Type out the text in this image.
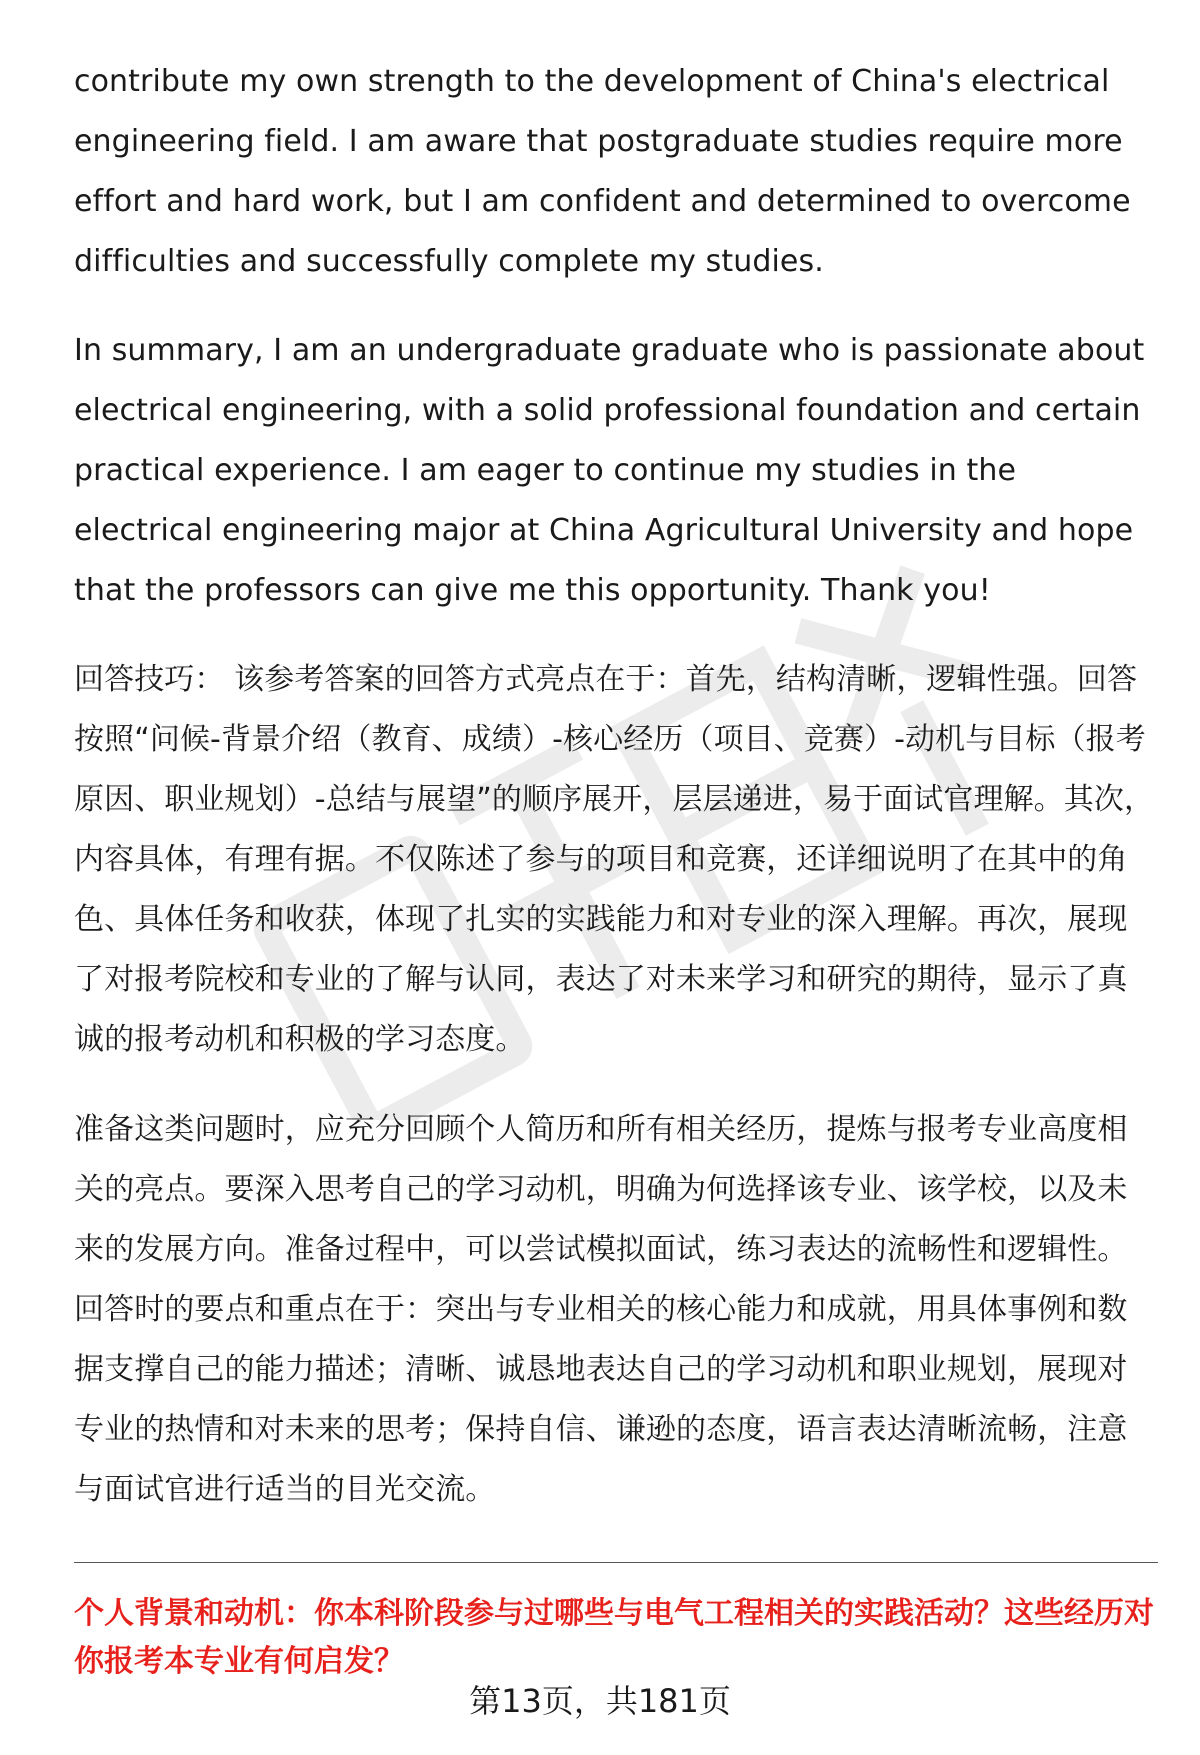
contribute my own strength to the development of China's electrical engineering field. I am aware that postgraduate studies require more effort and hard work, but I am confident and determined to overcome difficulties and successfully complete my studies.

In summary, I am an undergraduate graduate who is passionate about electrical engineering, with a solid professional foundation and certain practical experience. I am eager to continue my studies in the electrical engineering major at China Agricultural University and hope that the professors can give me this opportunity. Thank you!

回答技巧： 该参考答案的回答方式亮点在于：首先，结构清晰，逻辑性强。回答按照“问候-背景介绍（教育、成绩）-核心经历（项目、竞赛）-动机与目标（报考原因、职业规划）-总结与展望”的顺序展开，层层递进，易于面试官理解。其次，内容具体，有理有据。不仅陈述了参与的项目和竞赛，还详细说明了在其中的角色、具体任务和收获，体现了扎实的实践能力和对专业的深入理解。再次，展现了对报考院校和专业的了解与认同，表达了对未来学习和研究的期待，显示了真诚的报考动机和积极的学习态度。

准备这类问题时，应充分回顾个人简历和所有相关经历，提炼与报考专业高度相关的亮点。要深入思考自己的学习动机，明确为何选择该专业、该学校，以及未来的发展方向。准备过程中，可以尝试模拟面试，练习表达的流畅性和逻辑性。回答时的要点和重点在于：突出与专业相关的核心能力和成就，用具体事例和数据支撑自己的能力描述；清晰、诚恳地表达自己的学习动机和职业规划，展现对专业的热情和对未来的思考；保持自信、谦逊的态度，语言表达清晰流畅，注意与面试官进行适当的目光交流。

个人背景和动机：你本科阶段参与过哪些与电气工程相关的实践活动？这些经历对你报考本专业有何启发？

第13页，共181页
